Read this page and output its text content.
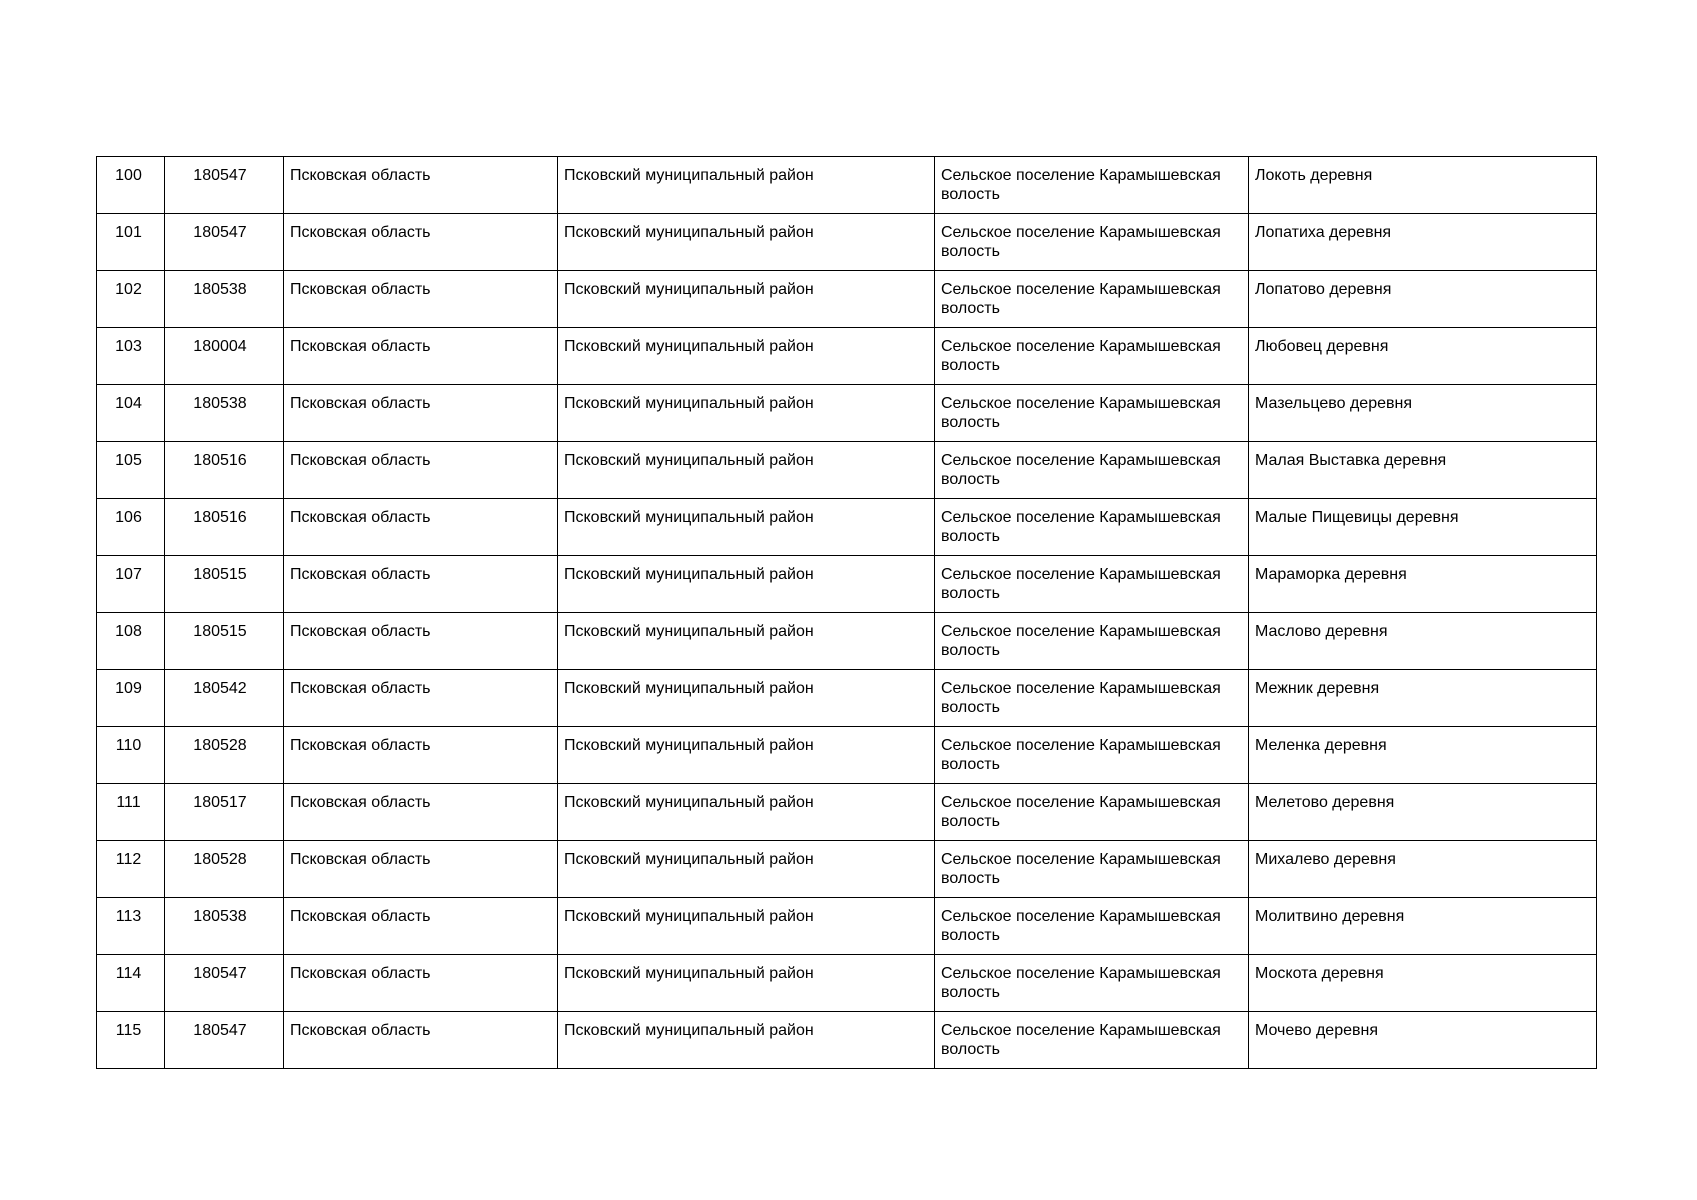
100	180547	Псковская область	Псковский муниципальный район	Сельское поселение Карамышевская волость	Локоть деревня
101	180547	Псковская область	Псковский муниципальный район	Сельское поселение Карамышевская волость	Лопатиха деревня
102	180538	Псковская область	Псковский муниципальный район	Сельское поселение Карамышевская волость	Лопатово деревня
103	180004	Псковская область	Псковский муниципальный район	Сельское поселение Карамышевская волость	Любовец деревня
104	180538	Псковская область	Псковский муниципальный район	Сельское поселение Карамышевская волость	Мазельцево деревня
105	180516	Псковская область	Псковский муниципальный район	Сельское поселение Карамышевская волость	Малая Выставка деревня
106	180516	Псковская область	Псковский муниципальный район	Сельское поселение Карамышевская волость	Малые Пищевицы деревня
107	180515	Псковская область	Псковский муниципальный район	Сельское поселение Карамышевская волость	Мараморка деревня
108	180515	Псковская область	Псковский муниципальный район	Сельское поселение Карамышевская волость	Маслово деревня
109	180542	Псковская область	Псковский муниципальный район	Сельское поселение Карамышевская волость	Межник деревня
110	180528	Псковская область	Псковский муниципальный район	Сельское поселение Карамышевская волость	Меленка деревня
111	180517	Псковская область	Псковский муниципальный район	Сельское поселение Карамышевская волость	Мелетово деревня
112	180528	Псковская область	Псковский муниципальный район	Сельское поселение Карамышевская волость	Михалево деревня
113	180538	Псковская область	Псковский муниципальный район	Сельское поселение Карамышевская волость	Молитвино деревня
114	180547	Псковская область	Псковский муниципальный район	Сельское поселение Карамышевская волость	Москота деревня
115	180547	Псковская область	Псковский муниципальный район	Сельское поселение Карамышевская волость	Мочево деревня
